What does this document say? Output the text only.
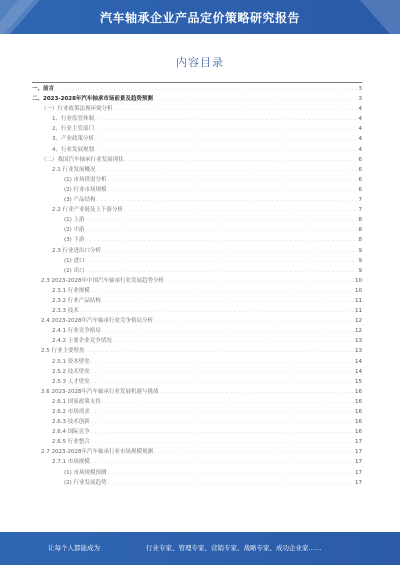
汽车轴承企业产品定价策略研究报告
内容目录
一、前言 . . .	3
二、2023-2028年汽车轴承市场前景及趋势预测 . . .	3
（一）行业政策法规环境分析 . . .	4
1、行业监管体制 . . .	4
2、行业主管部门 . . .	4
3、产业政策分析 . . .	4
4、行业发展规划 . . .	4
（二）我国汽车轴承行业发展现状 . . .	6
2.1 行业发展概况 . . .	6
(1) 市场供需分析 . . .	6
(2) 行业市场规模 . . .	6
(3) 产品结构 . . .	7
2.2 行业产业链及上下游分析 . . .	7
(1) 上游 . . .	8
(2) 中游 . . .	8
(3) 下游 . . .	8
2.3 行业进出口分析 . . .	9
(1) 进口 . . .	9
(2) 出口 . . .	9
2.3 2023-2028年中国汽车轴承行业发展趋势分析 . . .	10
2.3.1 行业规模 . . .	10
2.3.2 行业产品结构 . . .	11
2.3.3 技术 . . .	11
2.4 2023-2028年汽车轴承行业竞争格局分析 . . .	12
2.4.1 行业竞争格局 . . .	12
2.4.2 主要企业竞争情况 . . .	13
2.5 行业主要壁垒 . . .	13
2.5.1 资本壁垒 . . .	14
2.5.2 技术壁垒 . . .	14
2.5.3 人才壁垒 . . .	15
2.6 2023-2028年汽车轴承行业发展机遇与挑战 . . .	16
2.6.1 国家政策支持 . . .	16
2.6.2 市场需求 . . .	16
2.6.3 技术创新 . . .	16
2.6.4 国际竞争 . . .	16
2.6.5 行业整合 . . .	17
2.7 2023-2028年汽车轴承行业市场规模预测 . . .	17
2.7.1 市场规模 . . .	17
(1) 市场规模预测 . . .	17
(2) 行业发展趋势 . . .	17
让每个人都能成为	行业专家、管理专家、营销专家、战略专家、成功企业家……
